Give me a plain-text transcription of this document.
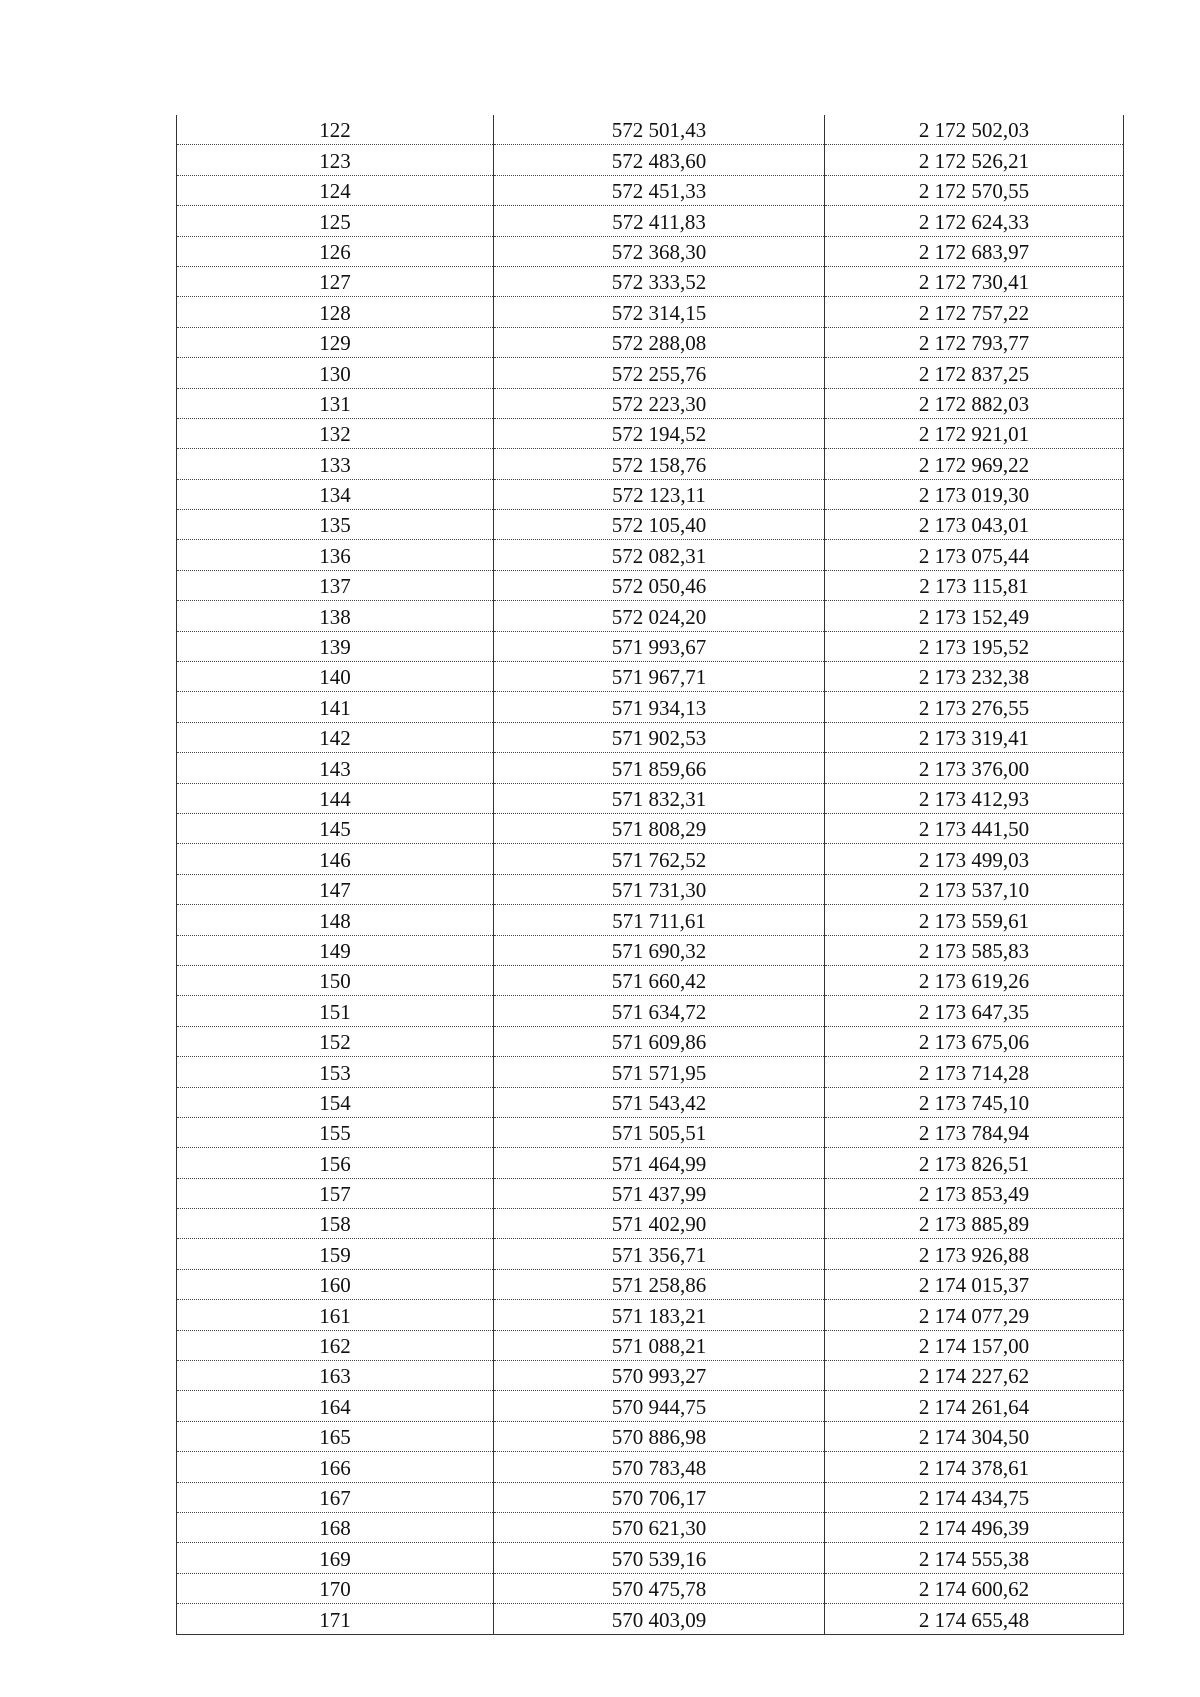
122	572 501,43	2 172 502,03
123	572 483,60	2 172 526,21
124	572 451,33	2 172 570,55
125	572 411,83	2 172 624,33
126	572 368,30	2 172 683,97
127	572 333,52	2 172 730,41
128	572 314,15	2 172 757,22
129	572 288,08	2 172 793,77
130	572 255,76	2 172 837,25
131	572 223,30	2 172 882,03
132	572 194,52	2 172 921,01
133	572 158,76	2 172 969,22
134	572 123,11	2 173 019,30
135	572 105,40	2 173 043,01
136	572 082,31	2 173 075,44
137	572 050,46	2 173 115,81
138	572 024,20	2 173 152,49
139	571 993,67	2 173 195,52
140	571 967,71	2 173 232,38
141	571 934,13	2 173 276,55
142	571 902,53	2 173 319,41
143	571 859,66	2 173 376,00
144	571 832,31	2 173 412,93
145	571 808,29	2 173 441,50
146	571 762,52	2 173 499,03
147	571 731,30	2 173 537,10
148	571 711,61	2 173 559,61
149	571 690,32	2 173 585,83
150	571 660,42	2 173 619,26
151	571 634,72	2 173 647,35
152	571 609,86	2 173 675,06
153	571 571,95	2 173 714,28
154	571 543,42	2 173 745,10
155	571 505,51	2 173 784,94
156	571 464,99	2 173 826,51
157	571 437,99	2 173 853,49
158	571 402,90	2 173 885,89
159	571 356,71	2 173 926,88
160	571 258,86	2 174 015,37
161	571 183,21	2 174 077,29
162	571 088,21	2 174 157,00
163	570 993,27	2 174 227,62
164	570 944,75	2 174 261,64
165	570 886,98	2 174 304,50
166	570 783,48	2 174 378,61
167	570 706,17	2 174 434,75
168	570 621,30	2 174 496,39
169	570 539,16	2 174 555,38
170	570 475,78	2 174 600,62
171	570 403,09	2 174 655,48
